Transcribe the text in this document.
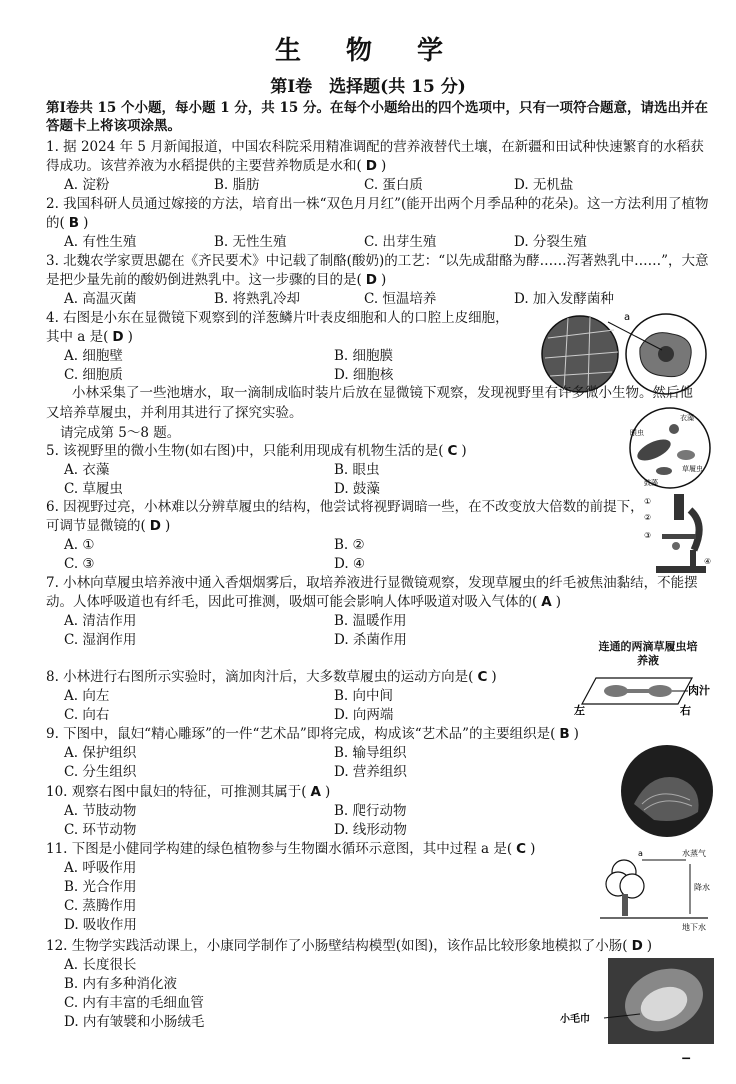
生 物 学
第Ⅰ卷　选择题(共 15 分)
第Ⅰ卷共 15 个小题，每小题 1 分，共 15 分。在每个小题给出的四个选项中，只有一项符合题意，请选出并在答题卡上将该项涂黑。

1. 据 2024 年 5 月新闻报道，中国农科院采用精准调配的营养液替代土壤，在新疆和田试种快速繁育的水稻获得成功。该营养液为水稻提供的主要营养物质是水和( D )

A. 淀粉	B. 脂肪	C. 蛋白质	D. 无机盐

2. 我国科研人员通过嫁接的方法，培育出一株“双色月月红”(能开出两个月季品种的花朵)。这一方法利用了植物的( B )

A. 有性生殖	B. 无性生殖	C. 出芽生殖	D. 分裂生殖

3. 北魏农学家贾思勰在《齐民要术》中记载了制酪(酸奶)的工艺：“以先成甜酪为酵……泻著熟乳中……”，大意是把少量先前的酸奶倒进熟乳中。这一步骤的目的是( D )

A. 高温灭菌	B. 将熟乳冷却	C. 恒温培养	D. 加入发酵菌种

4. 右图是小东在显微镜下观察到的洋葱鳞片叶表皮细胞和人的口腔上皮细胞，其中 a 是( D )

A. 细胞壁	B. 细胞膜
C. 细胞质	D. 细胞核
a

小林采集了一些池塘水，取一滴制成临时装片后放在显微镜下观察，发现视野里有许多微小生物。然后他又培养草履虫，并利用其进行了探究实验。

请完成第 5～8 题。

5. 该视野里的微小生物(如右图)中，只能利用现成有机物生活的是( C )

A. 衣藻	B. 眼虫
C. 草履虫	D. 鼓藻
衣藻
眼虫
草履虫
鼓藻

6. 因视野过亮，小林难以分辨草履虫的结构，他尝试将视野调暗一些，在不改变放大倍数的前提下，可调节显微镜的( D )

A. ①	B. ②
C. ③	D. ④
①
②
③
④

7. 小林向草履虫培养液中通入香烟烟雾后，取培养液进行显微镜观察，发现草履虫的纤毛被焦油黏结，不能摆动。人体呼吸道也有纤毛，因此可推测，吸烟可能会影响人体呼吸道对吸入气体的( A )

A. 清洁作用	B. 温暖作用
C. 湿润作用	D. 杀菌作用

8. 小林进行右图所示实验时，滴加肉汁后，大多数草履虫的运动方向是( C )

A. 向左	B. 向中间
C. 向右	D. 向两端
连通的两滴草履虫培养液
肉汁
左	右

9. 下图中，鼠妇“精心雕琢”的一件“艺术品”即将完成，构成该“艺术品”的主要组织是( B )

A. 保护组织	B. 输导组织
C. 分生组织	D. 营养组织

10. 观察右图中鼠妇的特征，可推测其属于( A )

A. 节肢动物	B. 爬行动物
C. 环节动物	D. 线形动物

11. 下图是小健同学构建的绿色植物参与生物圈水循环示意图，其中过程 a 是( C )

A. 呼吸作用
B. 光合作用
C. 蒸腾作用
D. 吸收作用
a	水蒸气
降水
地下水

12. 生物学实践活动课上，小康同学制作了小肠壁结构模型(如图)，该作品比较形象地模拟了小肠( D )

A. 长度很长
B. 内有多种消化液
C. 内有丰富的毛细血管
D. 内有皱襞和小肠绒毛	小毛巾
▔
